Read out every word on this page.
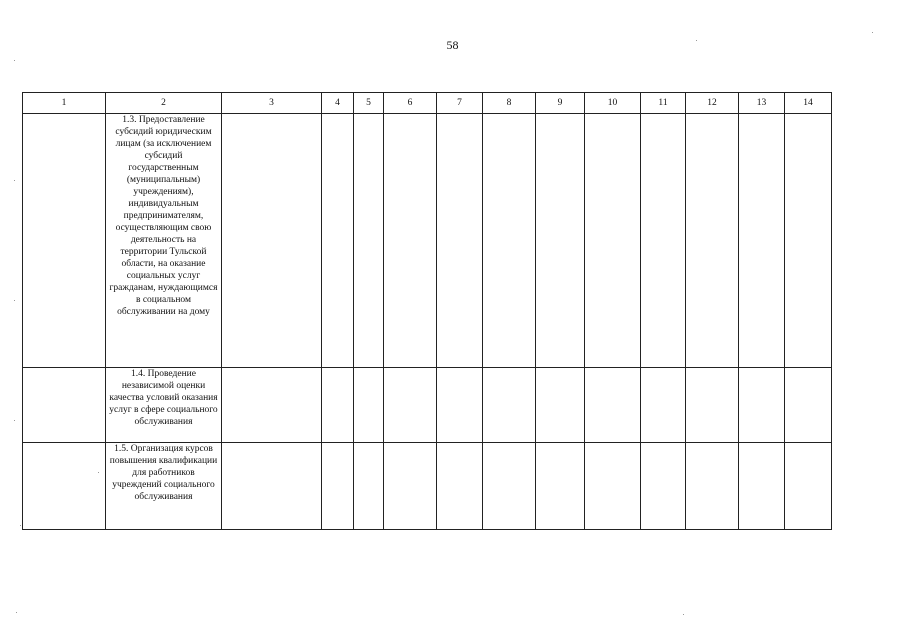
58
1	2	3	4	5	6	7	8	9	10	11	12	13	14
	1.3. Предоставление субсидий юридическим лицам (за исключением субсидий государственным (муниципальным) учреждениям), индивидуальным предпринимателям, осуществляющим свою деятельность на территории Тульской области, на оказание социальных услуг гражданам, нуждающимся в социальном обслуживании на дому												
	1.4. Проведение независимой оценки качества условий оказания услуг в сфере социального обслуживания												
	1.5. Организация курсов повышения квалификации для работников учреждений социального обслуживания												
